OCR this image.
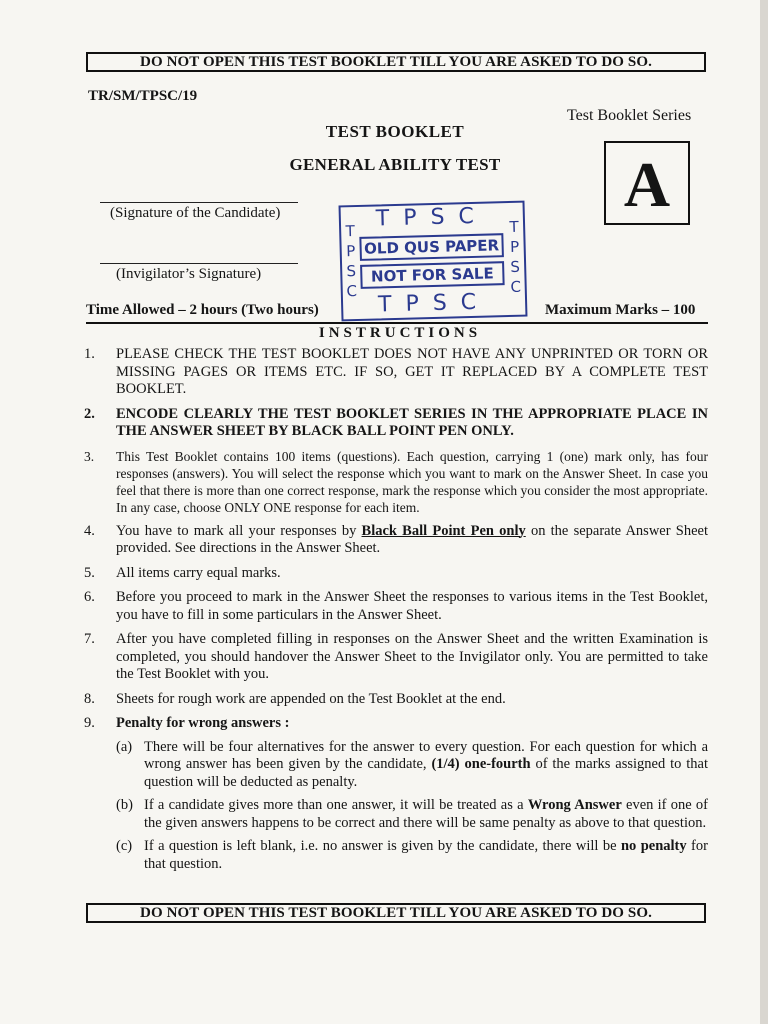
DO NOT OPEN THIS TEST BOOKLET TILL YOU ARE ASKED TO DO SO.
TR/SM/TPSC/19
Test Booklet Series
A
TEST BOOKLET
GENERAL ABILITY TEST
(Signature of the Candidate)
(Invigilator’s Signature)
TPSC
T
P
S
C
T
P
S
C
OLD QUS PAPER
NOT FOR SALE
TPSC
Time Allowed – 2 hours (Two hours)	Maximum Marks – 100
INSTRUCTIONS
1. PLEASE CHECK THE TEST BOOKLET DOES NOT HAVE ANY UNPRINTED OR TORN OR MISSING PAGES OR ITEMS ETC. IF SO, GET IT REPLACED BY A COMPLETE TEST BOOKLET.
2. ENCODE CLEARLY THE TEST BOOKLET SERIES IN THE APPROPRIATE PLACE IN THE ANSWER SHEET BY BLACK BALL POINT PEN ONLY.
3. This Test Booklet contains 100 items (questions). Each question, carrying 1 (one) mark only, has four responses (answers). You will select the response which you want to mark on the Answer Sheet. In case you feel that there is more than one correct response, mark the response which you consider the most appropriate. In any case, choose ONLY ONE response for each item.
4. You have to mark all your responses by Black Ball Point Pen only on the separate Answer Sheet provided. See directions in the Answer Sheet.
5. All items carry equal marks.
6. Before you proceed to mark in the Answer Sheet the responses to various items in the Test Booklet, you have to fill in some particulars in the Answer Sheet.
7. After you have completed filling in responses on the Answer Sheet and the written Examination is completed, you should handover the Answer Sheet to the Invigilator only. You are permitted to take the Test Booklet with you.
8. Sheets for rough work are appended on the Test Booklet at the end.
9. Penalty for wrong answers :
(a) There will be four alternatives for the answer to every question. For each question for which a wrong answer has been given by the candidate, (1/4) one-fourth of the marks assigned to that question will be deducted as penalty.
(b) If a candidate gives more than one answer, it will be treated as a Wrong Answer even if one of the given answers happens to be correct and there will be same penalty as above to that question.
(c) If a question is left blank, i.e. no answer is given by the candidate, there will be no penalty for that question.
DO NOT OPEN THIS TEST BOOKLET TILL YOU ARE ASKED TO DO SO.
